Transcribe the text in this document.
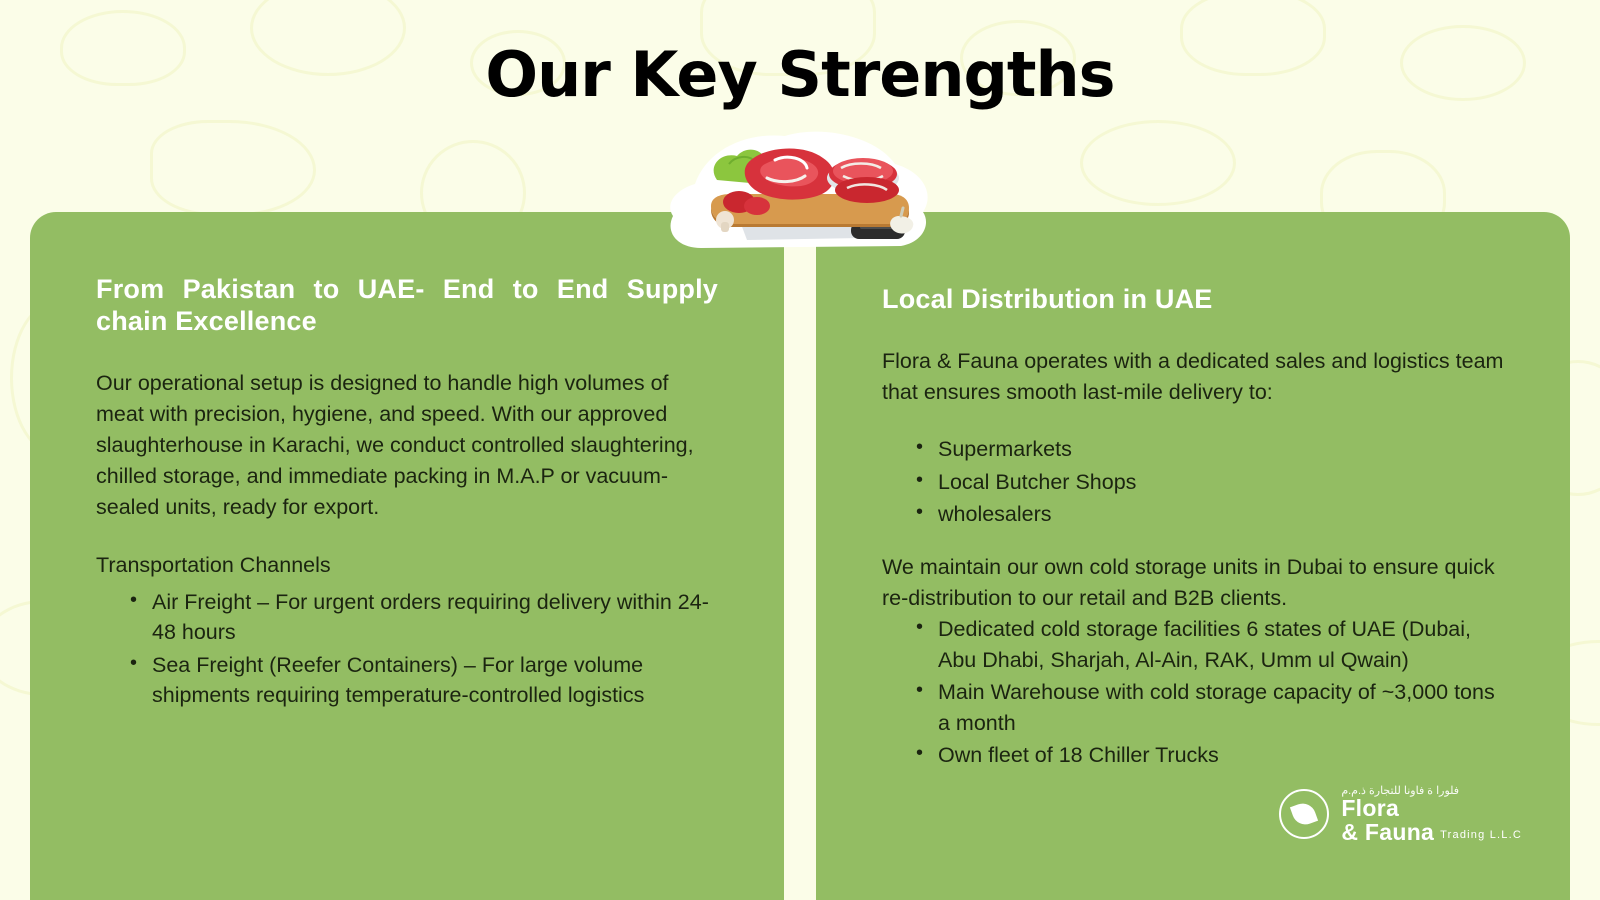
Our Key Strengths
From Pakistan to UAE- End to End Supply chain Excellence

Our operational setup is designed to handle high volumes of meat with precision, hygiene, and speed. With our approved slaughterhouse in Karachi, we conduct controlled slaughtering, chilled storage, and immediate packing in M.A.P or vacuum-sealed units, ready for export.

Transportation Channels

• Air Freight – For urgent orders requiring delivery within 24-48 hours
• Sea Freight (Reefer Containers) – For large volume shipments requiring temperature-controlled logistics
Local Distribution in UAE

Flora & Fauna operates with a dedicated sales and logistics team that ensures smooth last-mile delivery to:

• Supermarkets
• Local Butcher Shops
• wholesalers

We maintain our own cold storage units in Dubai to ensure quick re-distribution to our retail and B2B clients.

• Dedicated cold storage facilities 6 states of UAE (Dubai, Abu Dhabi, Sharjah, Al-Ain, RAK, Umm ul Qwain)
• Main Warehouse with cold storage capacity of ~3,000 tons a month
• Own fleet of 18 Chiller Trucks
فلورا ة فاونا للتجارة ذ.م.م
Flora
& Fauna Trading L.L.C
